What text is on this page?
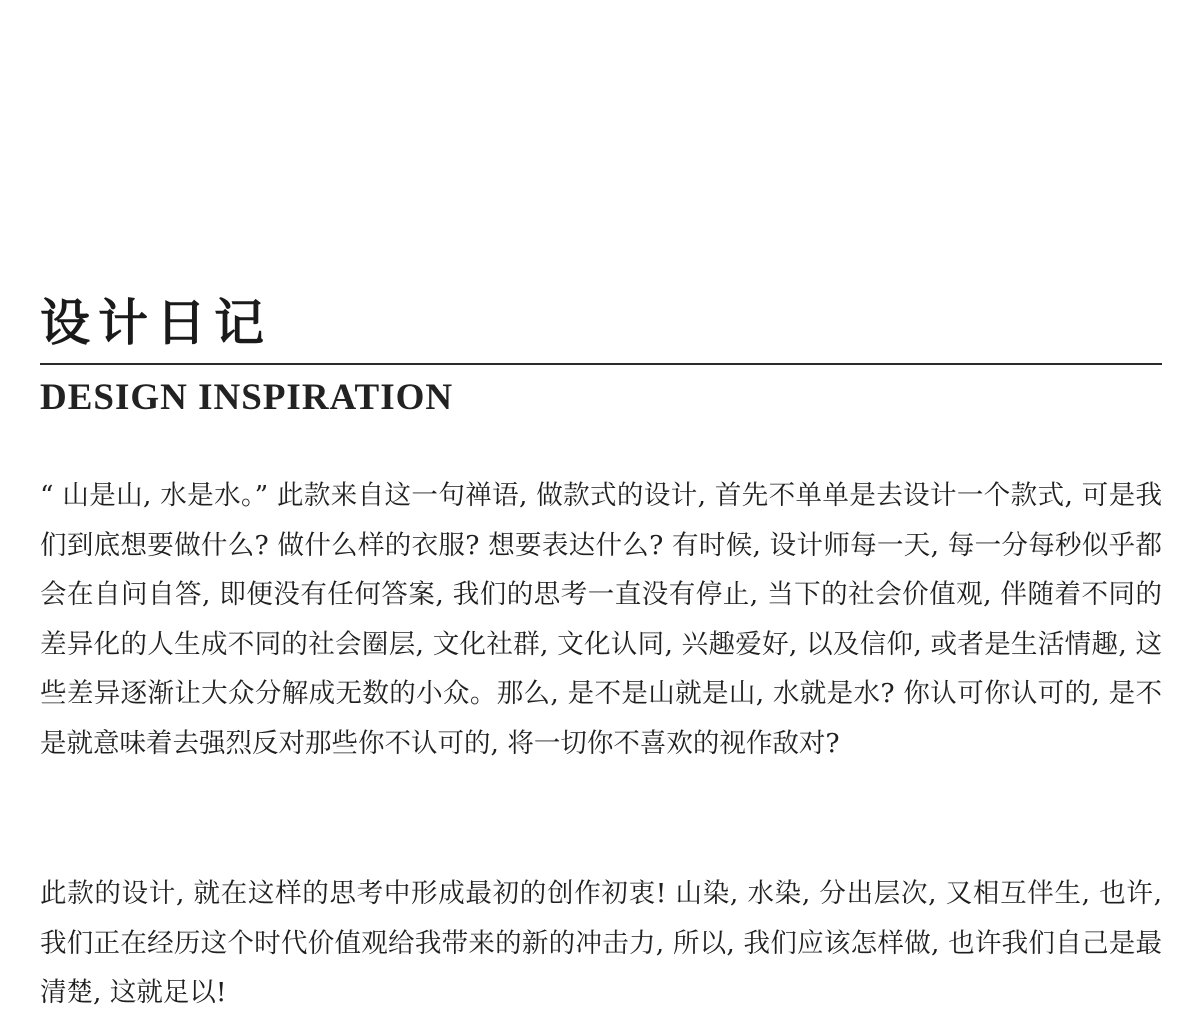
设计日记
DESIGN INSPIRATION

“ 山是山, 水是水。” 此款来自这一句禅语, 做款式的设计, 首先不单单是去设计一个款式, 可是我们到底想要做什么? 做什么样的衣服? 想要表达什么? 有时候, 设计师每一天, 每一分每秒似乎都会在自问自答, 即便没有任何答案, 我们的思考一直没有停止, 当下的社会价值观, 伴随着不同的差异化的人生成不同的社会圈层, 文化社群, 文化认同, 兴趣爱好, 以及信仰, 或者是生活情趣, 这些差异逐渐让大众分解成无数的小众。那么, 是不是山就是山, 水就是水? 你认可你认可的, 是不是就意味着去强烈反对那些你不认可的, 将一切你不喜欢的视作敌对?

此款的设计, 就在这样的思考中形成最初的创作初衷! 山染, 水染, 分出层次, 又相互伴生, 也许, 我们正在经历这个时代价值观给我带来的新的冲击力, 所以, 我们应该怎样做, 也许我们自己是最清楚, 这就足以!
